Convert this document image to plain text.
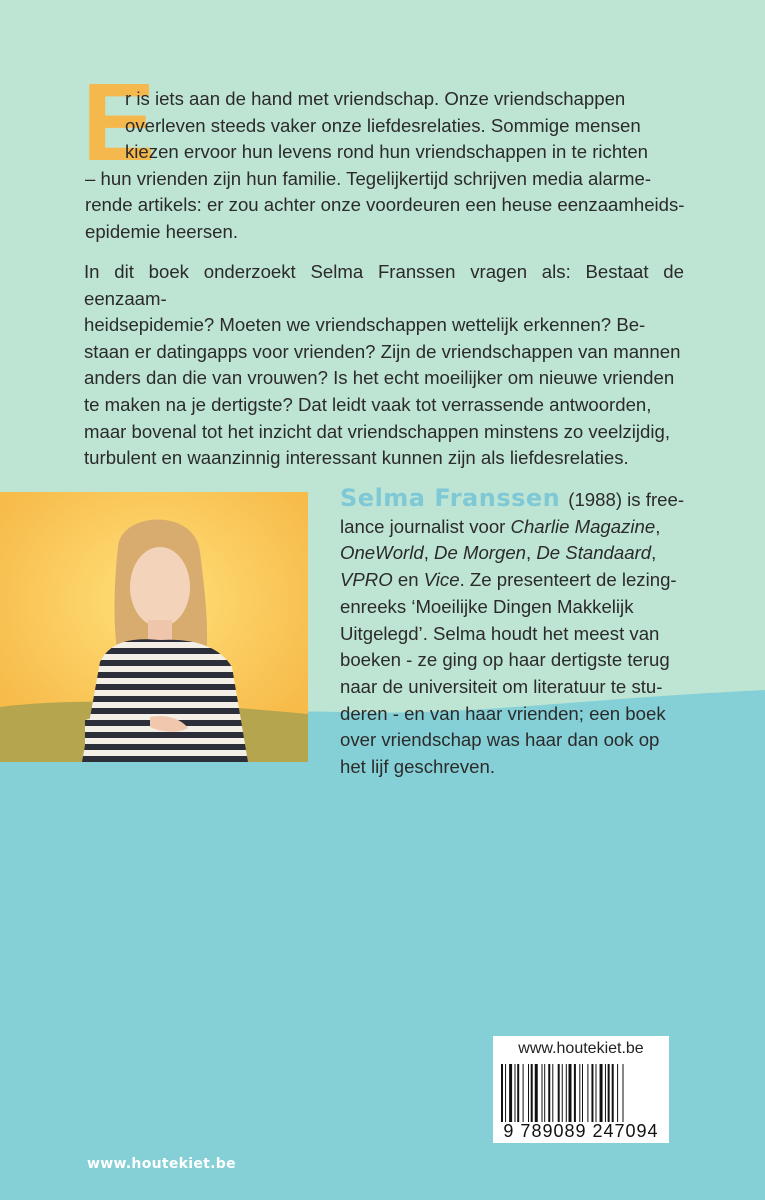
E

r is iets aan de hand met vriendschap. Onze vriendschappen
overleven steeds vaker onze liefdesrelaties. Sommige mensen
kiezen ervoor hun levens rond hun vriendschappen in te richten
– hun vrienden zijn hun familie. Tegelijkertijd schrijven media alarme-
rende artikels: er zou achter onze voordeuren een heuse eenzaamheids-
epidemie heersen.

In dit boek onderzoekt Selma Franssen vragen als: Bestaat de eenzaam-
heidsepidemie? Moeten we vriendschappen wettelijk erkennen? Be-
staan er datingapps voor vrienden? Zijn de vriendschappen van mannen
anders dan die van vrouwen? Is het echt moeilijker om nieuwe vrienden
te maken na je dertigste? Dat leidt vaak tot verrassende antwoorden,
maar bovenal tot het inzicht dat vriendschappen minstens zo veelzijdig,
turbulent en waanzinnig interessant kunnen zijn als liefdesrelaties.

Selma Franssen (1988) is free-
lance journalist voor Charlie Magazine,
OneWorld, De Morgen, De Standaard,
VPRO en Vice. Ze presenteert de lezing-
enreeks ‘Moeilijke Dingen Makkelijk
Uitgelegd’. Selma houdt het meest van
boeken - ze ging op haar dertigste terug
naar de universiteit om literatuur te stu-
deren - en van haar vrienden; een boek
over vriendschap was haar dan ook op
het lijf geschreven.

www.houtekiet.be
9 789089 247094
www.houtekiet.be
